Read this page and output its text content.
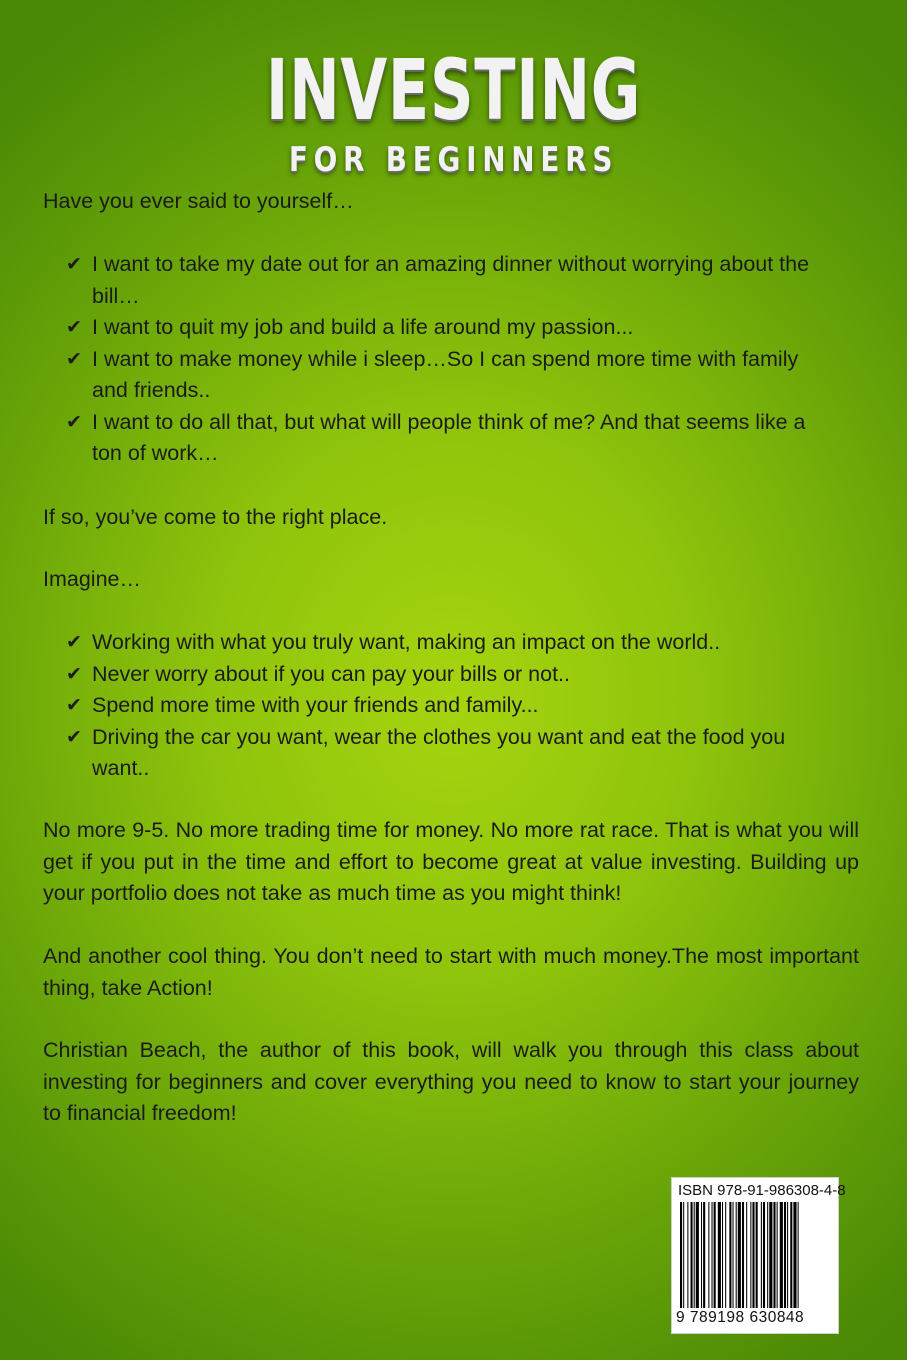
INVESTING
FOR BEGINNERS

Have you ever said to yourself…

✔ I want to take my date out for an amazing dinner without worrying about the bill…
✔ I want to quit my job and build a life around my passion...
✔ I want to make money while i sleep…So I can spend more time with family and friends..
✔ I want to do all that, but what will people think of me? And that seems like a ton of work…

If so, you’ve come to the right place.

Imagine…

✔ Working with what you truly want, making an impact on the world..
✔ Never worry about if you can pay your bills or not..
✔ Spend more time with your friends and family...
✔ Driving the car you want, wear the clothes you want and eat the food you want..

No more 9-5. No more trading time for money. No more rat race. That is what you will get if you put in the time and effort to become great at value investing. Building up your portfolio does not take as much time as you might think!

And another cool thing. You don’t need to start with much money.The most important thing, take Action!

Christian Beach, the author of this book, will walk you through this class about investing for beginners and cover everything you need to know to start your journey to financial freedom!

ISBN 978-91-986308-4-8
9 789198 630848
